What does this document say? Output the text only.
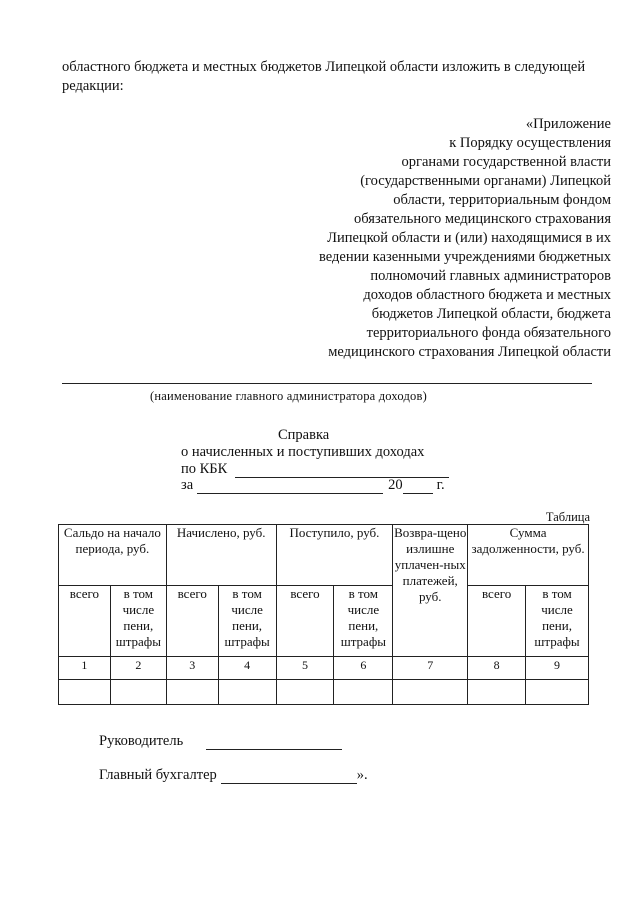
областного бюджета и местных бюджетов Липецкой области изложить в следующей
редакции:
«Приложение
к Порядку осуществления
органами государственной власти
(государственными органами) Липецкой
области, территориальным фондом
обязательного медицинского страхования
Липецкой области и (или) находящимися в их
ведении казенными учреждениями бюджетных
полномочий главных администраторов
доходов областного бюджета и местных
бюджетов Липецкой области, бюджета
территориального фонда обязательного
медицинского страхования Липецкой области
(наименование главного администратора доходов)
Справка
о начисленных и поступивших доходах
по КБК
за	20 г.
Таблица
Сальдо на начало периода, руб.		Начислено, руб.		Поступило, руб.		Возвра-щено излишне уплачен-ных платежей, руб.	Сумма задолженности, руб.	
всего	в том числе пени, штрафы	всего	в том числе пени, штрафы	всего	в том числе пени, штрафы		всего	в том числе пени, штрафы
1	2	3	4	5	6	7	8	9

Руководитель
Главный бухгалтер	».
